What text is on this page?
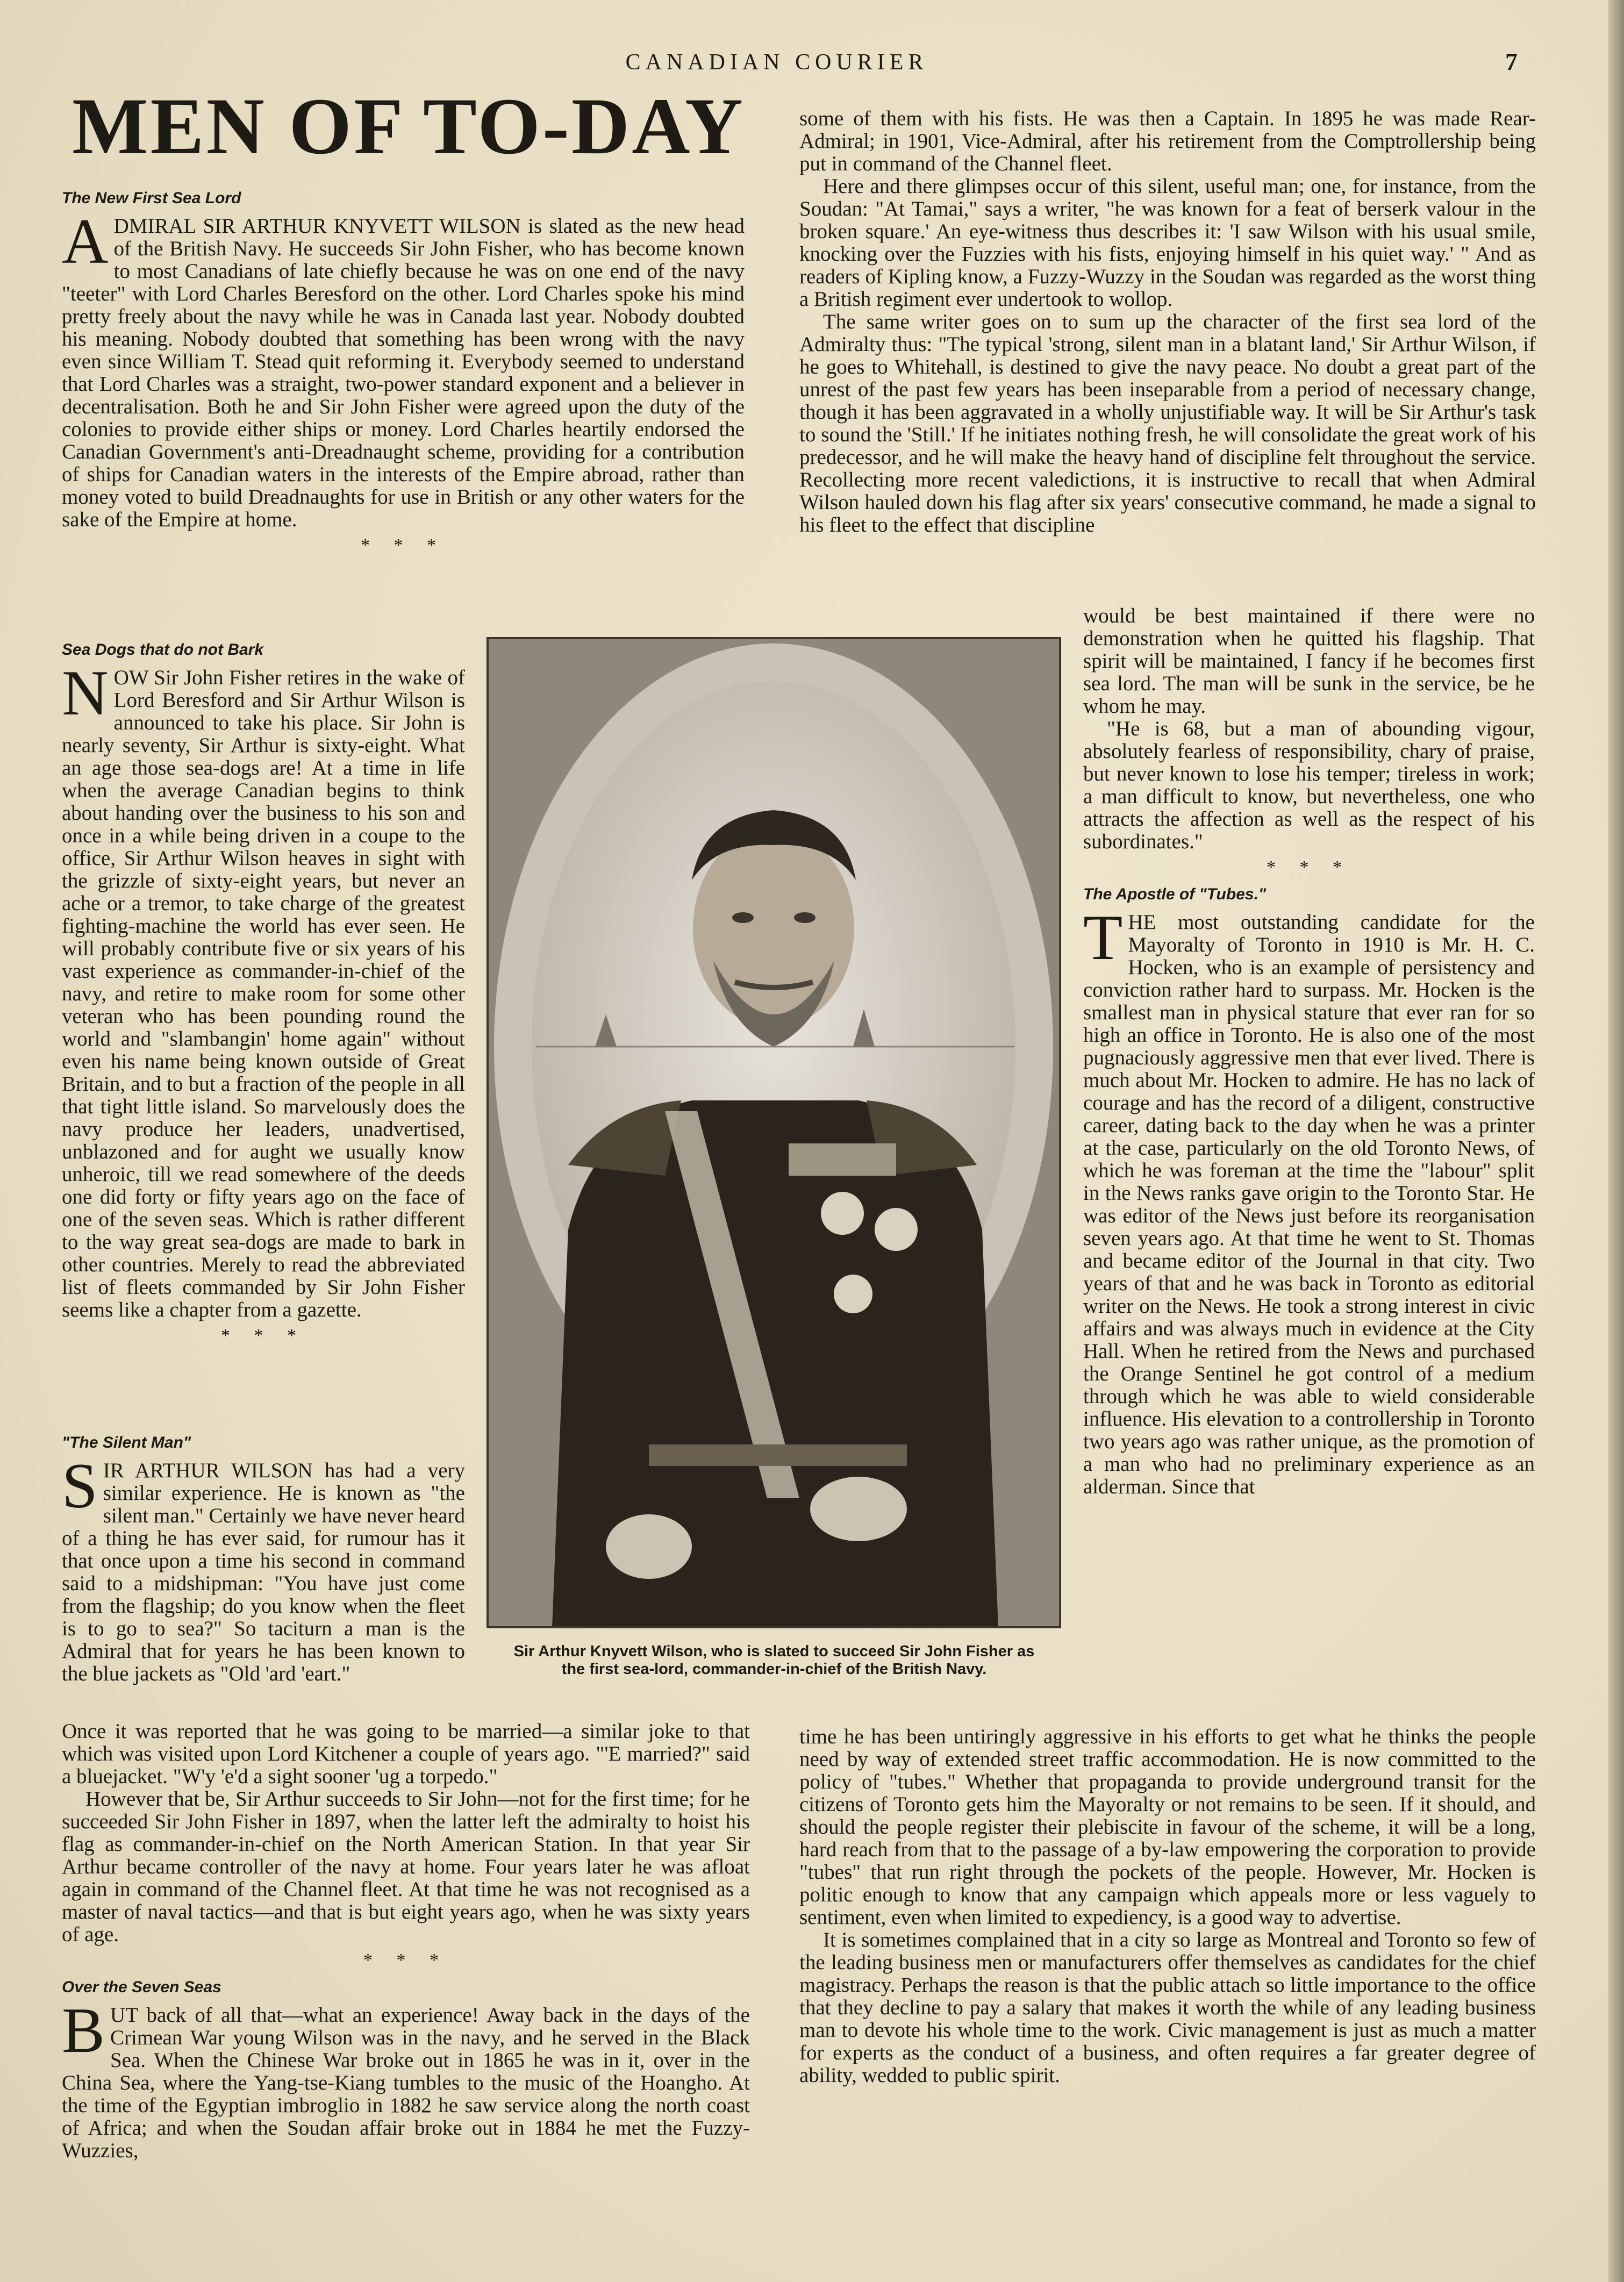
CANADIAN COURIER	7
MEN OF TO-DAY
The New First Sea Lord

ADMIRAL SIR ARTHUR KNYVETT WILSON is slated as the new head of the British Navy. He succeeds Sir John Fisher, who has become known to most Canadians of late chiefly because he was on one end of the navy "teeter" with Lord Charles Beresford on the other. Lord Charles spoke his mind pretty freely about the navy while he was in Canada last year. Nobody doubted his meaning. Nobody doubted that something has been wrong with the navy even since William T. Stead quit reforming it. Everybody seemed to understand that Lord Charles was a straight, two-power standard exponent and a believer in decentralisation. Both he and Sir John Fisher were agreed upon the duty of the colonies to provide either ships or money. Lord Charles heartily endorsed the Canadian Government's anti-Dreadnaught scheme, providing for a contribution of ships for Canadian waters in the interests of the Empire abroad, rather than money voted to build Dreadnaughts for use in British or any other waters for the sake of the Empire at home.

* * *
Sea Dogs that do not Bark

NOW Sir John Fisher retires in the wake of Lord Beresford and Sir Arthur Wilson is announced to take his place. Sir John is nearly seventy, Sir Arthur is sixty-eight. What an age those sea-dogs are! At a time in life when the average Canadian begins to think about handing over the business to his son and once in a while being driven in a coupe to the office, Sir Arthur Wilson heaves in sight with the grizzle of sixty-eight years, but never an ache or a tremor, to take charge of the greatest fighting-machine the world has ever seen. He will probably contribute five or six years of his vast experience as commander-in-chief of the navy, and retire to make room for some other veteran who has been pounding round the world and "slambangin' home again" without even his name being known outside of Great Britain, and to but a fraction of the people in all that tight little island. So marvelously does the navy produce her leaders, unadvertised, unblazoned and for aught we usually know unheroic, till we read somewhere of the deeds one did forty or fifty years ago on the face of one of the seven seas. Which is rather different to the way great sea-dogs are made to bark in other countries. Merely to read the abbreviated list of fleets commanded by Sir John Fisher seems like a chapter from a gazette.

* * *
"The Silent Man"

SIR ARTHUR WILSON has had a very similar experience. He is known as "the silent man." Certainly we have never heard of a thing he has ever said, for rumour has it that once upon a time his second in command said to a midshipman: "You have just come from the flagship; do you know when the fleet is to go to sea?" So taciturn a man is the Admiral that for years he has been known to the blue jackets as "Old 'ard 'eart."

Once it was reported that he was going to be married—a similar joke to that which was visited upon Lord Kitchener a couple of years ago. "'E married?" said a bluejacket. "W'y 'e'd a sight sooner 'ug a torpedo."

However that be, Sir Arthur succeeds to Sir John—not for the first time; for he succeeded Sir John Fisher in 1897, when the latter left the admiralty to hoist his flag as commander-in-chief on the North American Station. In that year Sir Arthur became controller of the navy at home. Four years later he was afloat again in command of the Channel fleet. At that time he was not recognised as a master of naval tactics—and that is but eight years ago, when he was sixty years of age.

* * *
Over the Seven Seas

BUT back of all that—what an experience! Away back in the days of the Crimean War young Wilson was in the navy, and he served in the Black Sea. When the Chinese War broke out in 1865 he was in it, over in the China Sea, where the Yang-tse-Kiang tumbles to the music of the Hoangho. At the time of the Egyptian imbroglio in 1882 he saw service along the north coast of Africa; and when the Soudan affair broke out in 1884 he met the Fuzzy-Wuzzies,

some of them with his fists. He was then a Captain. In 1895 he was made Rear-Admiral; in 1901, Vice-Admiral, after his retirement from the Comptrollership being put in command of the Channel fleet.

Here and there glimpses occur of this silent, useful man; one, for instance, from the Soudan: "At Tamai," says a writer, "he was known for a feat of berserk valour in the broken square.' An eye-witness thus describes it: 'I saw Wilson with his usual smile, knocking over the Fuzzies with his fists, enjoying himself in his quiet way.' " And as readers of Kipling know, a Fuzzy-Wuzzy in the Soudan was regarded as the worst thing a British regiment ever undertook to wollop.

The same writer goes on to sum up the character of the first sea lord of the Admiralty thus: "The typical 'strong, silent man in a blatant land,' Sir Arthur Wilson, if he goes to Whitehall, is destined to give the navy peace. No doubt a great part of the unrest of the past few years has been inseparable from a period of necessary change, though it has been aggravated in a wholly unjustifiable way. It will be Sir Arthur's task to sound the 'Still.' If he initiates nothing fresh, he will consolidate the great work of his predecessor, and he will make the heavy hand of discipline felt throughout the service. Recollecting more recent valedictions, it is instructive to recall that when Admiral Wilson hauled down his flag after six years' consecutive command, he made a signal to his fleet to the effect that discipline

would be best maintained if there were no demonstration when he quitted his flagship. That spirit will be maintained, I fancy if he becomes first sea lord. The man will be sunk in the service, be he whom he may.

"He is 68, but a man of abounding vigour, absolutely fearless of responsibility, chary of praise, but never known to lose his temper; tireless in work; a man difficult to know, but nevertheless, one who attracts the affection as well as the respect of his subordinates."

* * *
The Apostle of "Tubes."

THE most outstanding candidate for the Mayoralty of Toronto in 1910 is Mr. H. C. Hocken, who is an example of persistency and conviction rather hard to surpass. Mr. Hocken is the smallest man in physical stature that ever ran for so high an office in Toronto. He is also one of the most pugnaciously aggressive men that ever lived. There is much about Mr. Hocken to admire. He has no lack of courage and has the record of a diligent, constructive career, dating back to the day when he was a printer at the case, particularly on the old Toronto News, of which he was foreman at the time the "labour" split in the News ranks gave origin to the Toronto Star. He was editor of the News just before its reorganisation seven years ago. At that time he went to St. Thomas and became editor of the Journal in that city. Two years of that and he was back in Toronto as editorial writer on the News. He took a strong interest in civic affairs and was always much in evidence at the City Hall. When he retired from the News and purchased the Orange Sentinel he got control of a medium through which he was able to wield considerable influence. His elevation to a controllership in Toronto two years ago was rather unique, as the promotion of a man who had no preliminary experience as an alderman. Since that

time he has been untiringly aggressive in his efforts to get what he thinks the people need by way of extended street traffic accommodation. He is now committed to the policy of "tubes." Whether that propaganda to provide underground transit for the citizens of Toronto gets him the Mayoralty or not remains to be seen. If it should, and should the people register their plebiscite in favour of the scheme, it will be a long, hard reach from that to the passage of a by-law empowering the corporation to provide "tubes" that run right through the pockets of the people. However, Mr. Hocken is politic enough to know that any campaign which appeals more or less vaguely to sentiment, even when limited to expediency, is a good way to advertise.

It is sometimes complained that in a city so large as Montreal and Toronto so few of the leading business men or manufacturers offer themselves as candidates for the chief magistracy. Perhaps the reason is that the public attach so little importance to the office that they decline to pay a salary that makes it worth the while of any leading business man to devote his whole time to the work. Civic management is just as much a matter for experts as the conduct of a business, and often requires a far greater degree of ability, wedded to public spirit.

Sir Arthur Knyvett Wilson, who is slated to succeed Sir John Fisher as the first sea-lord, commander-in-chief of the British Navy.
